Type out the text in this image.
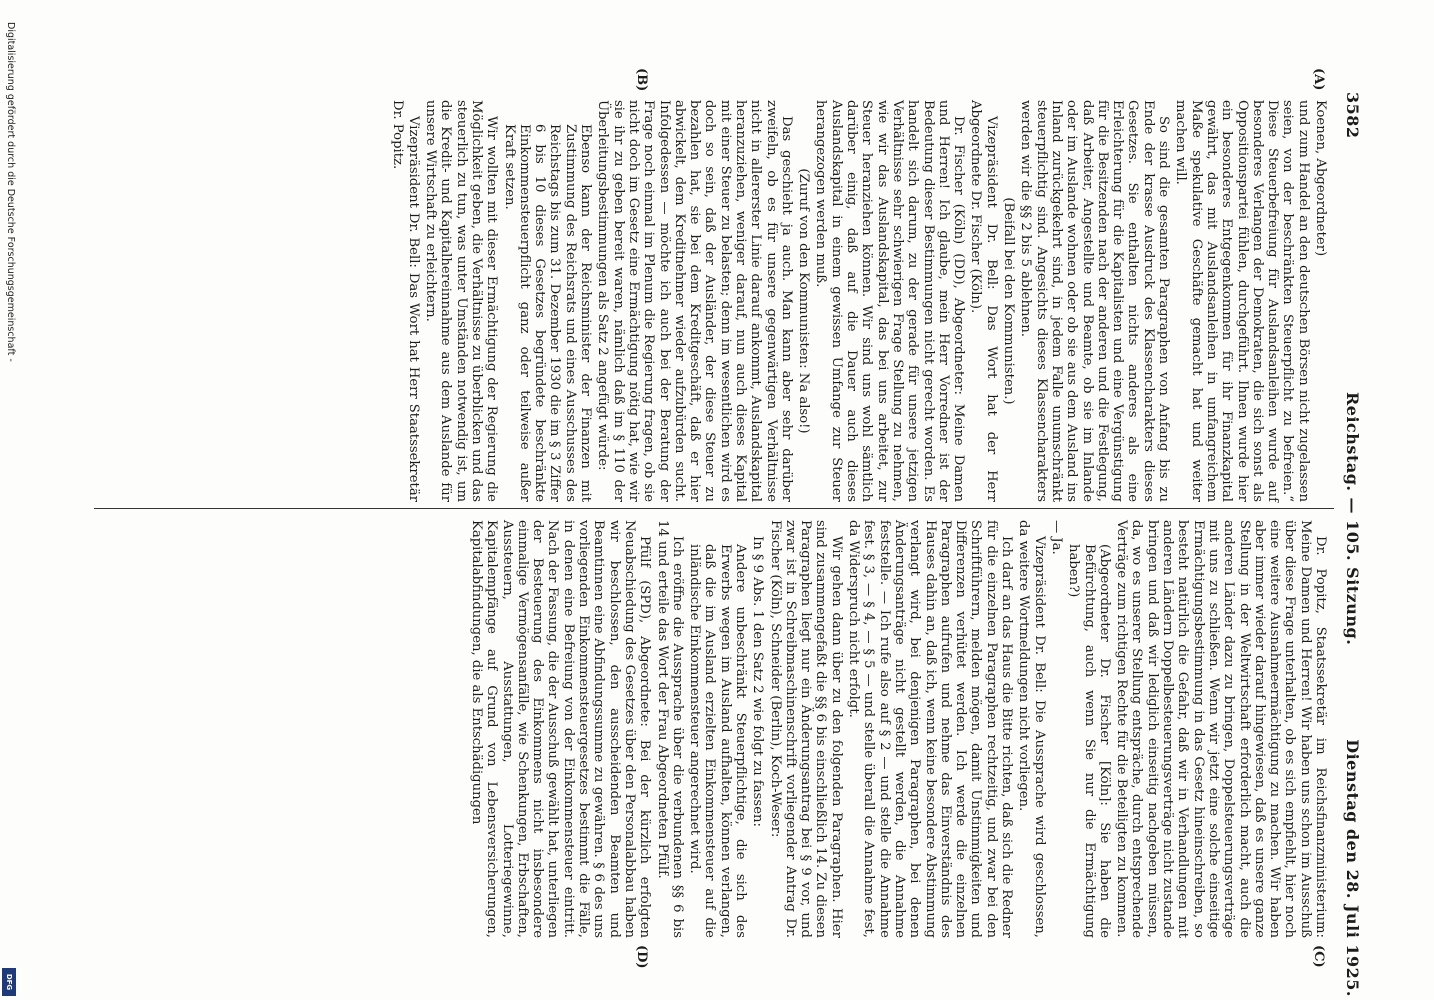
3582
Reichstag. — 105. Sitzung.
Dienstag den 28. Juli 1925.
(A)
(B)
(C)
(D)

Koenen, Abgeordneter)

und zum Handel an den deutschen Börsen nicht zugelassen seien, von der beschränkten Steuerpflicht zu befreien.“ Diese Steuerbefreiung für Auslandsanleihen wurde auf besonderes Verlangen der Demokraten, die sich sonst als Oppositionspartei fühlen, durchgeführt. Ihnen wurde hier ein besonderes Entgegenkommen für ihr Finanzkapital gewährt, das mit Auslandsanleihen in umfangreichem Maße spekulative Geschäfte gemacht hat und weiter machen will.

So sind die gesamten Paragraphen von Anfang bis zu Ende der krasse Ausdruck des Klassencharakters dieses Gesetzes. Sie enthalten nichts anderes als eine Erleichterung für die Kapitalisten und eine Vergünstigung für die Besitzenden nach der anderen und die Festlegung, daß Arbeiter, Angestellte und Beamte, ob sie im Inlande oder im Auslande wohnen oder ob sie aus dem Ausland ins Inland zurückgekehrt sind, in jedem Falle unumschränkt steuerpflichtig sind. Angesichts dieses Klassencharakters werden wir die §§ 2 bis 5 ablehnen.

(Beifall bei den Kommunisten.)

Vizepräsident Dr. Bell: Das Wort hat der Herr Abgeordnete Dr. Fischer (Köln).

Dr. Fischer (Köln) (DD), Abgeordneter: Meine Damen und Herren! Ich glaube, mein Herr Vorredner ist der Bedeutung dieser Bestimmungen nicht gerecht worden. Es handelt sich darum, zu der gerade für unsere jetzigen Verhältnisse sehr schwierigen Frage Stellung zu nehmen, wie wir das Auslandskapital, das bei uns arbeitet, zur Steuer heranziehen können. Wir sind uns wohl sämtlich darüber einig, daß auf die Dauer auch dieses Auslandskapital in einem gewissen Umfange zur Steuer herangezogen werden muß.

(Zuruf von den Kommunisten: Na also!)

Das geschieht ja auch. Man kann aber sehr darüber zweifeln, ob es für unsere gegenwärtigen Verhältnisse nicht in allererster Linie darauf ankommt, Auslandskapital heranzuziehen, weniger darauf, nun auch dieses Kapital mit einer Steuer zu belasten; denn im wesentlichen wird es doch so sein, daß der Ausländer, der diese Steuer zu bezahlen hat, sie bei dem Kreditgeschäft, daß er hier abwickelt, dem Kreditnehmer wieder aufzubürden sucht. Infolgedessen — möchte ich auch bei der Beratung der Frage noch einmal im Plenum die Regierung fragen, ob sie nicht doch im Gesetz eine Ermächtigung nötig hat, wie wir sie ihr zu geben bereit waren, nämlich daß im § 110 der Überleitungsbestimmungen als Satz 2 angefügt würde:

Ebenso kann der Reichsminister der Finanzen mit Zustimmung des Reichsrats und eines Ausschusses des Reichstags bis zum 31. Dezember 1930 die im § 3 Ziffer 6 bis 10 dieses Gesetzes begründete beschränkte Einkommensteuerpflicht ganz oder teilweise außer Kraft setzen.

Wir wollten mit dieser Ermächtigung der Regierung die Möglichkeit geben, die Verhältnisse zu überblicken und das steuerlich zu tun, was unter Umständen notwendig ist, um die Kredit- und Kapitalhereinnahme aus dem Auslande für unsere Wirtschaft zu erleichtern.

Vizepräsident Dr. Bell: Das Wort hat Herr Staatssekretär Dr. Popitz.

Dr. Popitz, Staatssekretär im Reichsfinanzministerium: Meine Damen und Herren! Wir haben uns schon im Ausschuß über diese Frage unterhalten, ob es sich empfiehlt, hier noch eine weitere Ausnahmeermächtigung zu machen. Wir haben aber immer wieder darauf hingewiesen, daß es unsere ganze Stellung in der Weltwirtschaft erforderlich macht, auch die anderen Länder dazu zu bringen, Doppelsteuerungsverträge mit uns zu schließen. Wenn wir jetzt eine solche einseitige Ermächtigungsbestimmung in das Gesetz hineinschreiben, so besteht natürlich die Gefahr, daß wir in Verhandlungen mit anderen Ländern Doppelbesteuerungsverträge nicht zustande bringen und daß wir lediglich einseitig nachgeben müssen, da, wo es unserer Stellung entspräche, durch entsprechende Verträge zum richtigen Rechte für die Beteiligten zu kommen.

(Abgeordneter Dr. Fischer [Köln]: Sie haben die Befürchtung, auch wenn Sie nur die Ermächtigung haben?)

— Ja.

Vizepräsident Dr. Bell: Die Aussprache wird geschlossen, da weitere Wortmeldungen nicht vorliegen.

Ich darf an das Haus die Bitte richten, daß sich die Redner für die einzelnen Paragraphen rechtzeitig, und zwar bei den Schriftführern, melden mögen, damit Unstimmigkeiten und Differenzen verhütet werden. Ich werde die einzelnen Paragraphen aufrufen und nehme das Einverständnis des Hauses dahin an, daß ich, wenn keine besondere Abstimmung verlangt wird, bei denjenigen Paragraphen, bei denen Änderungsanträge nicht gestellt werden, die Annahme feststelle. — Ich rufe also auf § 2 — und stelle die Annahme fest. § 3, — § 4, — § 5 — und stelle überall die Annahme fest, da Widerspruch nicht erfolgt.

Wir gehen dann über zu den folgenden Paragraphen. Hier sind zusammengefaßt die §§ 6 bis einschließlich 14. Zu diesen Paragraphen liegt nur ein Änderungsantrag bei § 9 vor, und zwar ist in Schreibmaschinenschrift vorliegender Antrag Dr. Fischer (Köln), Schneider (Berlin), Koch-Weser:

In § 9 Abs. 1 den Satz 2 wie folgt zu fassen:

Andere unbeschränkt Steuerpflichtige, die sich des Erwerbs wegen im Ausland aufhalten, können verlangen, daß die im Ausland erzielten Einkommensteuer auf die inländische Einkommensteuer angerechnet wird.

Ich eröffne die Aussprache über die verbundenen §§ 6 bis 14 und erteile das Wort der Frau Abgeordneten Pfülf.

Pfülf (SPD), Abgeordnete: Bei der kürzlich erfolgten Neuabschiedung des Gesetzes über den Personalabbau haben wir beschlossen, den ausscheidenden Beamten und Beamtinnen eine Abfindungssumme zu gewähren. § 6 des uns vorliegenden Einkommensteuergesetzes bestimmt die Fälle, in denen eine Befreiung von der Einkommensteuer eintritt. Nach der Fassung, die der Ausschuß gewählt hat, unterliegen der Besteuerung des Einkommens nicht insbesondere einmalige Vermögensanfälle, wie Schenkungen, Erbschaften, Aussteuern, Ausstattungen, Lotteriegewinne, Kapitalempfänge auf Grund von Lebensversicherungen, Kapitalabfindungen, die als Entschädigungen

Digitalisierung gefördert durch die Deutsche Forschungsgemeinschaft -
DFG
